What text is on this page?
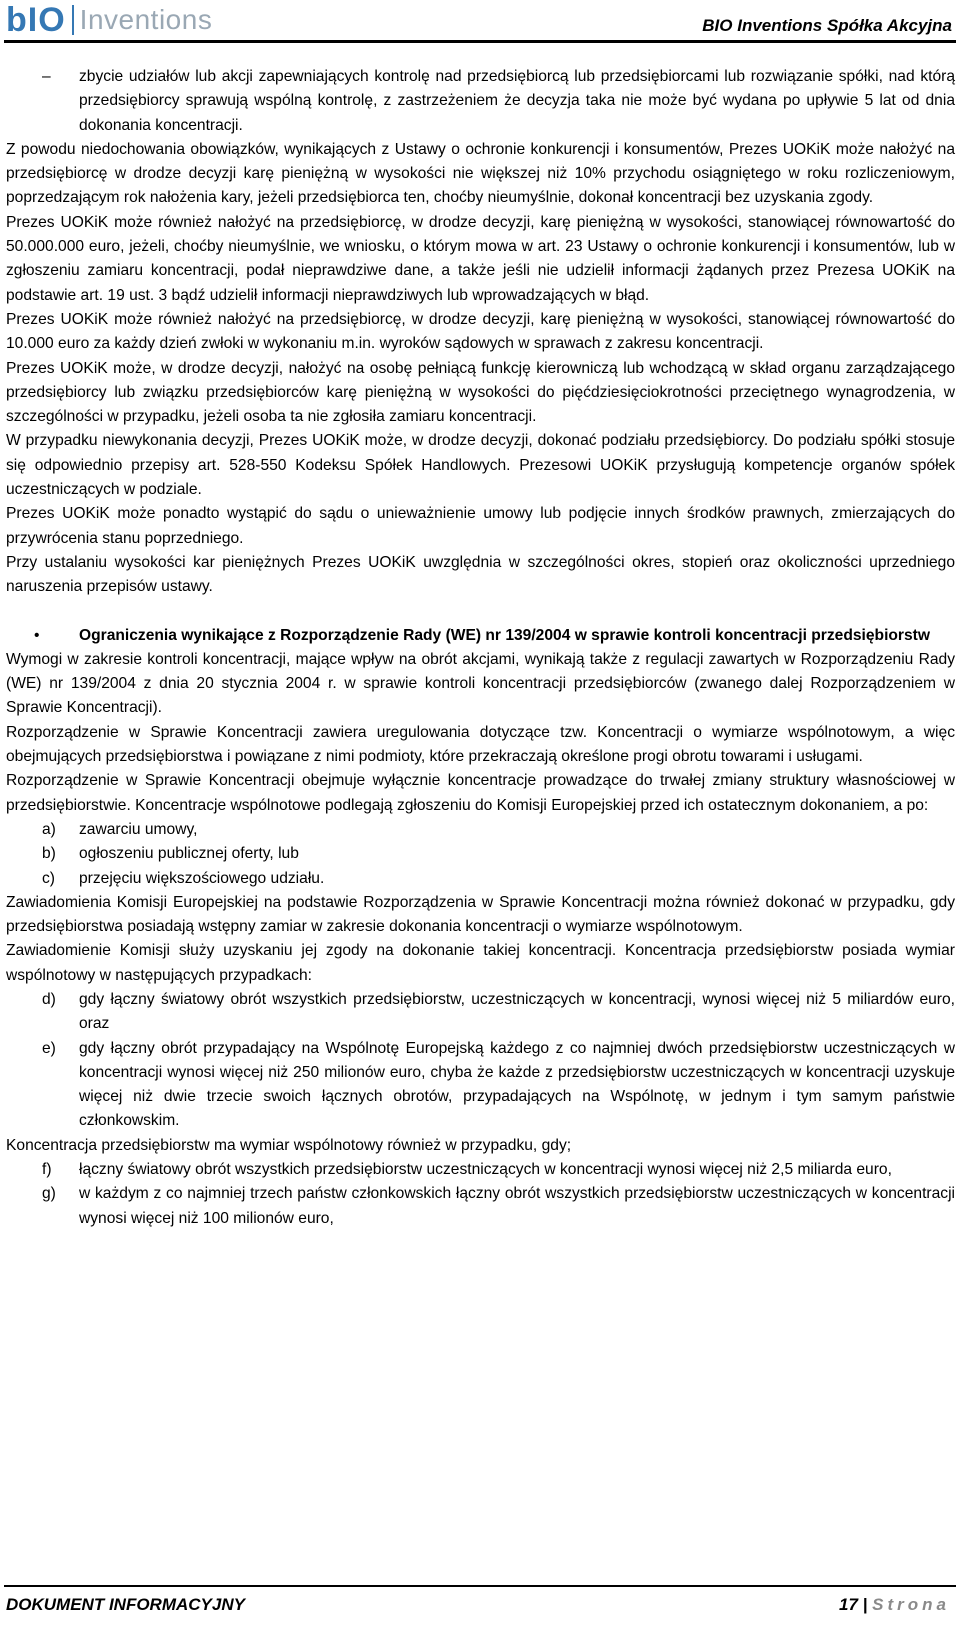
bIO Inventions	BIO Inventions Spółka Akcyjna

– zbycie udziałów lub akcji zapewniających kontrolę nad przedsiębiorcą lub przedsiębiorcami lub rozwiązanie spółki, nad którą przedsiębiorcy sprawują wspólną kontrolę, z zastrzeżeniem że decyzja taka nie może być wydana po upływie 5 lat od dnia dokonania koncentracji.

Z powodu niedochowania obowiązków, wynikających z Ustawy o ochronie konkurencji i konsumentów, Prezes UOKiK może nałożyć na przedsiębiorcę w drodze decyzji karę pieniężną w wysokości nie większej niż 10% przychodu osiągniętego w roku rozliczeniowym, poprzedzającym rok nałożenia kary, jeżeli przedsiębiorca ten, choćby nieumyślnie, dokonał koncentracji bez uzyskania zgody.

Prezes UOKiK może również nałożyć na przedsiębiorcę, w drodze decyzji, karę pieniężną w wysokości, stanowiącej równowartość do 50.000.000 euro, jeżeli, choćby nieumyślnie, we wniosku, o którym mowa w art. 23 Ustawy o ochronie konkurencji i konsumentów, lub w zgłoszeniu zamiaru koncentracji, podał nieprawdziwe dane, a także jeśli nie udzielił informacji żądanych przez Prezesa UOKiK na podstawie art. 19 ust. 3 bądź udzielił informacji nieprawdziwych lub wprowadzających w błąd.

Prezes UOKiK może również nałożyć na przedsiębiorcę, w drodze decyzji, karę pieniężną w wysokości, stanowiącej równowartość do 10.000 euro za każdy dzień zwłoki w wykonaniu m.in. wyroków sądowych w sprawach z zakresu koncentracji.

Prezes UOKiK może, w drodze decyzji, nałożyć na osobę pełniącą funkcję kierowniczą lub wchodzącą w skład organu zarządzającego przedsiębiorcy lub związku przedsiębiorców karę pieniężną w wysokości do pięćdziesięciokrotności przeciętnego wynagrodzenia, w szczególności w przypadku, jeżeli osoba ta nie zgłosiła zamiaru koncentracji.

W przypadku niewykonania decyzji, Prezes UOKiK może, w drodze decyzji, dokonać podziału przedsiębiorcy. Do podziału spółki stosuje się odpowiednio przepisy art. 528-550 Kodeksu Spółek Handlowych. Prezesowi UOKiK przysługują kompetencje organów spółek uczestniczących w podziale.

Prezes UOKiK może ponadto wystąpić do sądu o unieważnienie umowy lub podjęcie innych środków prawnych, zmierzających do przywrócenia stanu poprzedniego.

Przy ustalaniu wysokości kar pieniężnych Prezes UOKiK uwzględnia w szczególności okres, stopień oraz okoliczności uprzedniego naruszenia przepisów ustawy.

•	Ograniczenia wynikające z Rozporządzenie Rady (WE) nr 139/2004 w sprawie kontroli koncentracji przedsiębiorstw

Wymogi w zakresie kontroli koncentracji, mające wpływ na obrót akcjami, wynikają także z regulacji zawartych w Rozporządzeniu Rady (WE) nr 139/2004 z dnia 20 stycznia 2004 r. w sprawie kontroli koncentracji przedsiębiorców (zwanego dalej Rozporządzeniem w Sprawie Koncentracji).

Rozporządzenie w Sprawie Koncentracji zawiera uregulowania dotyczące tzw. Koncentracji o wymiarze wspólnotowym, a więc obejmujących przedsiębiorstwa i powiązane z nimi podmioty, które przekraczają określone progi obrotu towarami i usługami.

Rozporządzenie w Sprawie Koncentracji obejmuje wyłącznie koncentracje prowadzące do trwałej zmiany struktury własnościowej w przedsiębiorstwie. Koncentracje wspólnotowe podlegają zgłoszeniu do Komisji Europejskiej przed ich ostatecznym dokonaniem, a po:

a) zawarciu umowy,

b) ogłoszeniu publicznej oferty, lub

c) przejęciu większościowego udziału.

Zawiadomienia Komisji Europejskiej na podstawie Rozporządzenia w Sprawie Koncentracji można również dokonać w przypadku, gdy przedsiębiorstwa posiadają wstępny zamiar w zakresie dokonania koncentracji o wymiarze wspólnotowym.

Zawiadomienie Komisji służy uzyskaniu jej zgody na dokonanie takiej koncentracji. Koncentracja przedsiębiorstw posiada wymiar wspólnotowy w następujących przypadkach:

d) gdy łączny światowy obrót wszystkich przedsiębiorstw, uczestniczących w koncentracji, wynosi więcej niż 5 miliardów euro, oraz

e) gdy łączny obrót przypadający na Wspólnotę Europejską każdego z co najmniej dwóch przedsiębiorstw uczestniczących w koncentracji wynosi więcej niż 250 milionów euro, chyba że każde z przedsiębiorstw uczestniczących w koncentracji uzyskuje więcej niż dwie trzecie swoich łącznych obrotów, przypadających na Wspólnotę, w jednym i tym samym państwie członkowskim.

Koncentracja przedsiębiorstw ma wymiar wspólnotowy również w przypadku, gdy;

f) łączny światowy obrót wszystkich przedsiębiorstw uczestniczących w koncentracji wynosi więcej niż 2,5 miliarda euro,

g) w każdym z co najmniej trzech państw członkowskich łączny obrót wszystkich przedsiębiorstw uczestniczących w koncentracji wynosi więcej niż 100 milionów euro,

DOKUMENT INFORMACYJNY	17 | Strona
